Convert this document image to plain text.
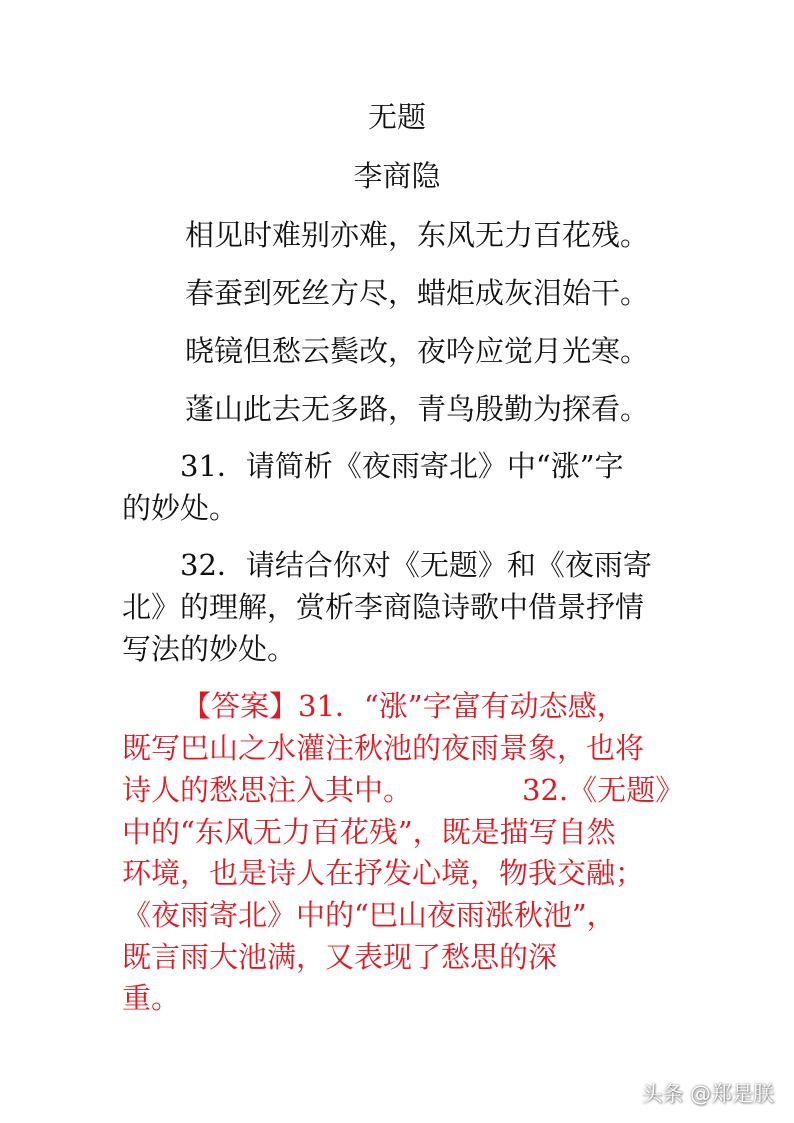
无题
李商隐
相见时难别亦难，东风无力百花残。
春蚕到死丝方尽，蜡炬成灰泪始干。
晓镜但愁云鬓改，夜吟应觉月光寒。
蓬山此去无多路，青鸟殷勤为探看。
31．请简析《夜雨寄北》中“涨”字
的妙处。
32．请结合你对《无题》和《夜雨寄
北》的理解，赏析李商隐诗歌中借景抒情
写法的妙处。
【答案】31．“涨”字富有动态感，
既写巴山之水灌注秋池的夜雨景象，也将
诗人的愁思注入其中。	32.《无题》
中的“东风无力百花残”，既是描写自然
环境，也是诗人在抒发心境，物我交融；
《夜雨寄北》中的“巴山夜雨涨秋池”，
既言雨大池满，又表现了愁思的深
重。
头条 @郑是朕
